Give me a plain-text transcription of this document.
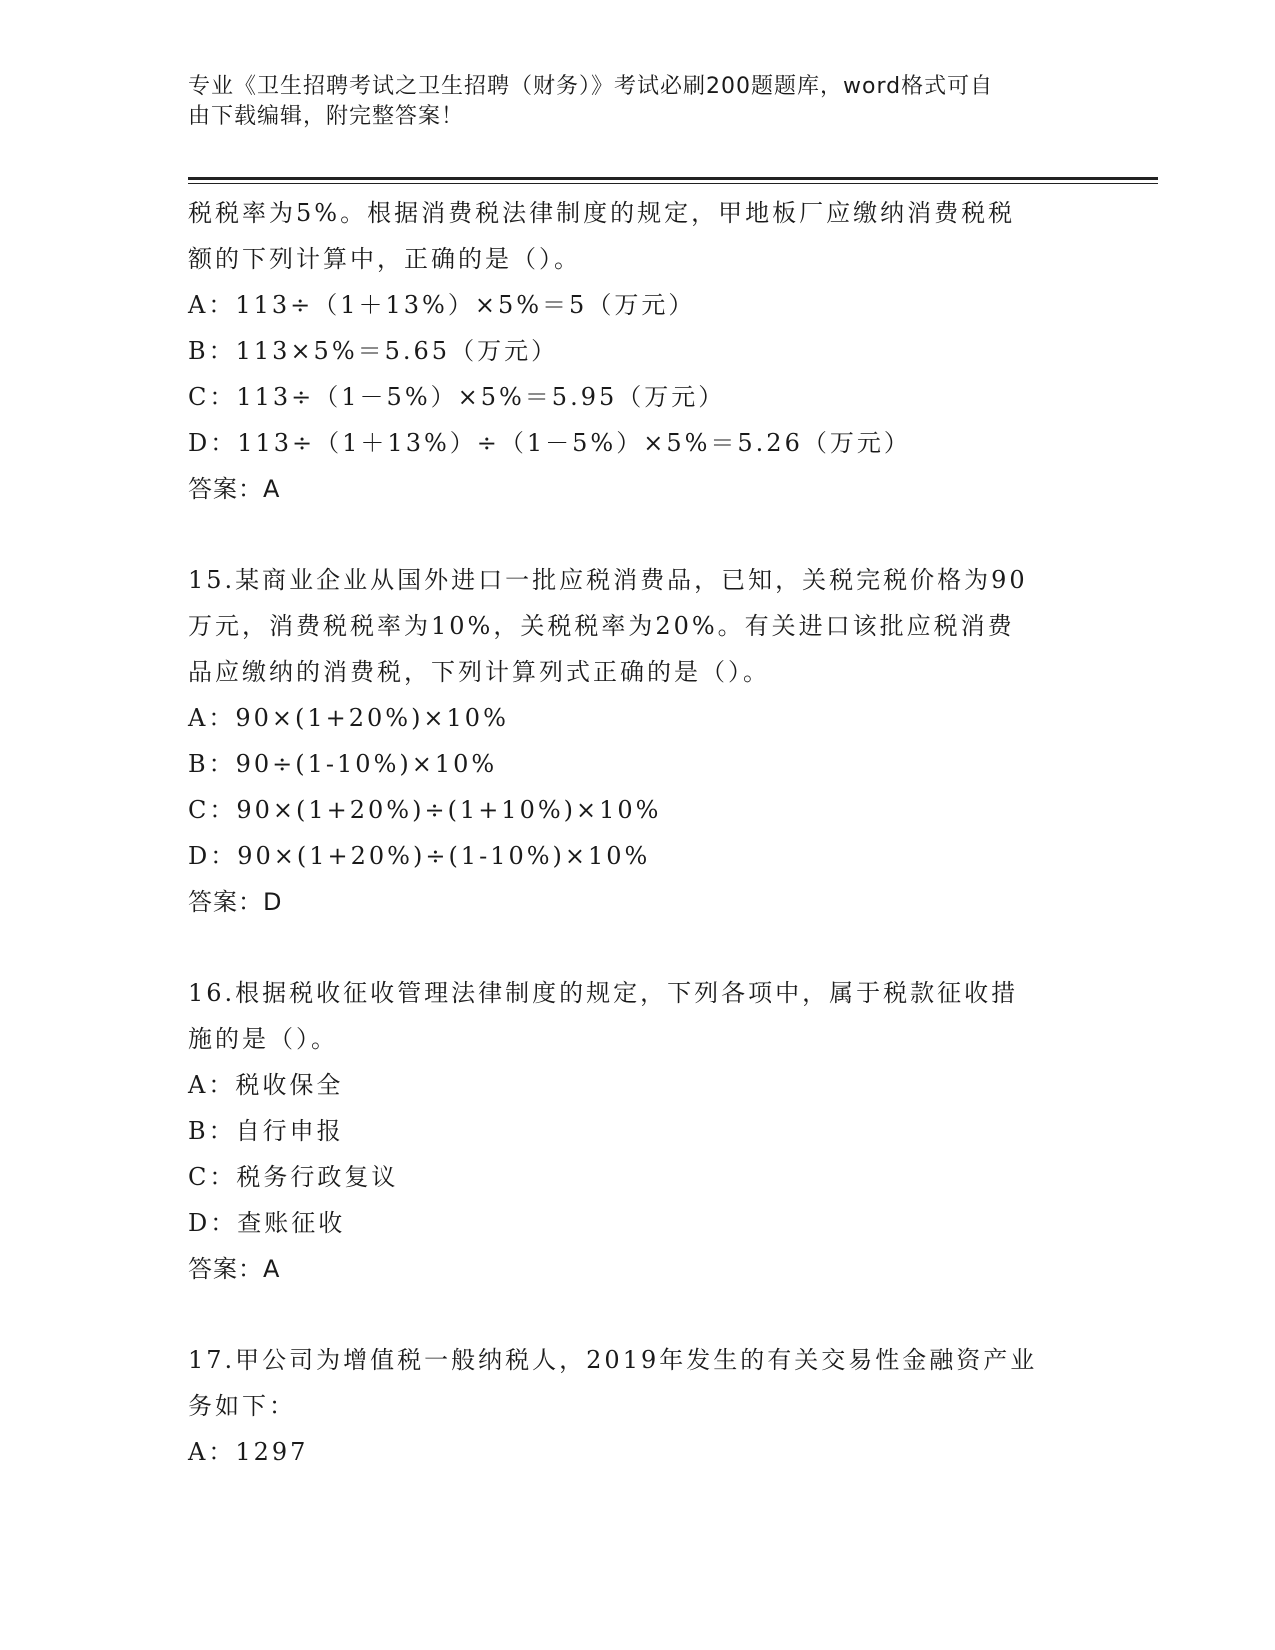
专业《卫生招聘考试之卫生招聘（财务）》考试必刷200题题库，word格式可自
由下载编辑，附完整答案！
税税率为5%。根据消费税法律制度的规定，甲地板厂应缴纳消费税税
额的下列计算中，正确的是（）。
A：113÷（1＋13%）×5%＝5（万元）
B：113×5%＝5.65（万元）
C：113÷（1－5%）×5%＝5.95（万元）
D：113÷（1＋13%）÷（1－5%）×5%＝5.26（万元）
答案：A
15.某商业企业从国外进口一批应税消费品，已知，关税完税价格为90
万元，消费税税率为10%，关税税率为20%。有关进口该批应税消费
品应缴纳的消费税，下列计算列式正确的是（）。
A：90×(1+20%)×10%
B：90÷(1-10%)×10%
C：90×(1+20%)÷(1+10%)×10%
D：90×(1+20%)÷(1-10%)×10%
答案：D
16.根据税收征收管理法律制度的规定，下列各项中，属于税款征收措
施的是（）。
A：税收保全
B：自行申报
C：税务行政复议
D：查账征收
答案：A
17.甲公司为增值税一般纳税人，2019年发生的有关交易性金融资产业
务如下：
A：1297
